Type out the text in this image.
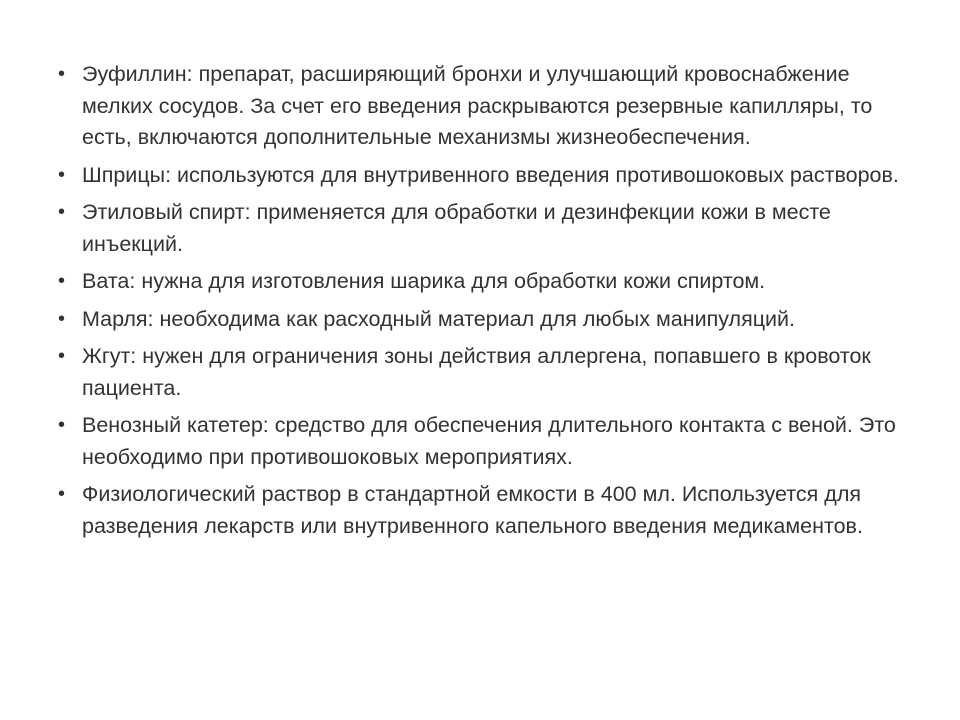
• Эуфиллин: препарат, расширяющий бронхи и улучшающий кровоснабжение мелких сосудов. За счет его введения раскрываются резервные капилляры, то есть, включаются дополнительные механизмы жизнеобеспечения.
• Шприцы: используются для внутривенного введения противошоковых растворов.
• Этиловый спирт: применяется для обработки и дезинфекции кожи в месте инъекций.
• Вата: нужна для изготовления шарика для обработки кожи спиртом.
• Марля: необходима как расходный материал для любых манипуляций.
• Жгут: нужен для ограничения зоны действия аллергена, попавшего в кровоток пациента.
• Венозный катетер: средство для обеспечения длительного контакта с веной. Это необходимо при противошоковых мероприятиях.
• Физиологический раствор в стандартной емкости в 400 мл. Используется для разведения лекарств или внутривенного капельного введения медикаментов.
